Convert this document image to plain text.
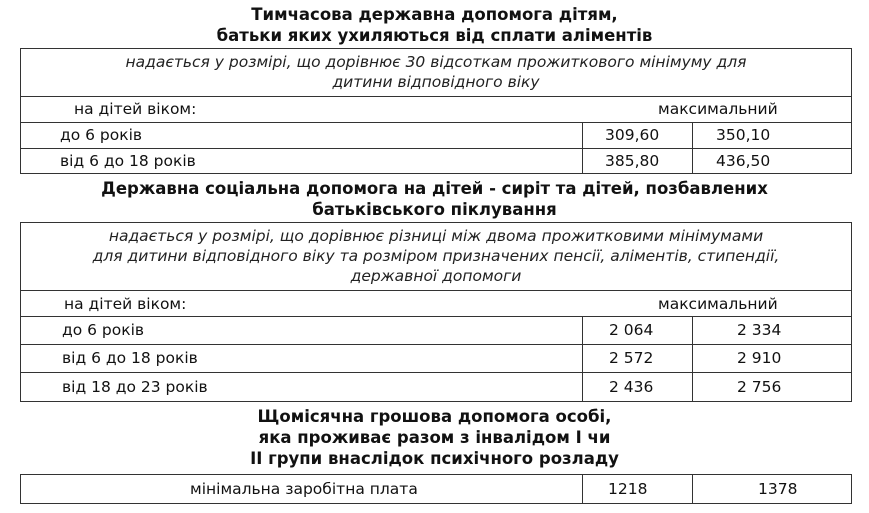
Тимчасова державна допомога дітям,
батьки яких ухиляються від сплати аліментів
надається у розмірі, що дорівнює 30 відсоткам прожиткового мінімуму для
дитини відповідного віку
на дітей віком:	максимальний
до 6 років	309,60	350,10
від 6 до 18 років	385,80	436,50
Державна соціальна допомога на дітей - сиріт та дітей, позбавлених
батьківського піклування
надається у розмірі, що дорівнює різниці між двома прожитковими мінімумами
для дитини відповідного віку та розміром призначених пенсії, аліментів, стипендії,
державної допомоги
на дітей віком:	максимальний
до 6 років	2 064	2 334
від 6 до 18 років	2 572	2 910
від 18 до 23 років	2 436	2 756
Щомісячна грошова допомога особі,
яка проживає разом з інвалідом I чи
II групи внаслідок психічного розладу
мінімальна заробітна плата	1218	1378
